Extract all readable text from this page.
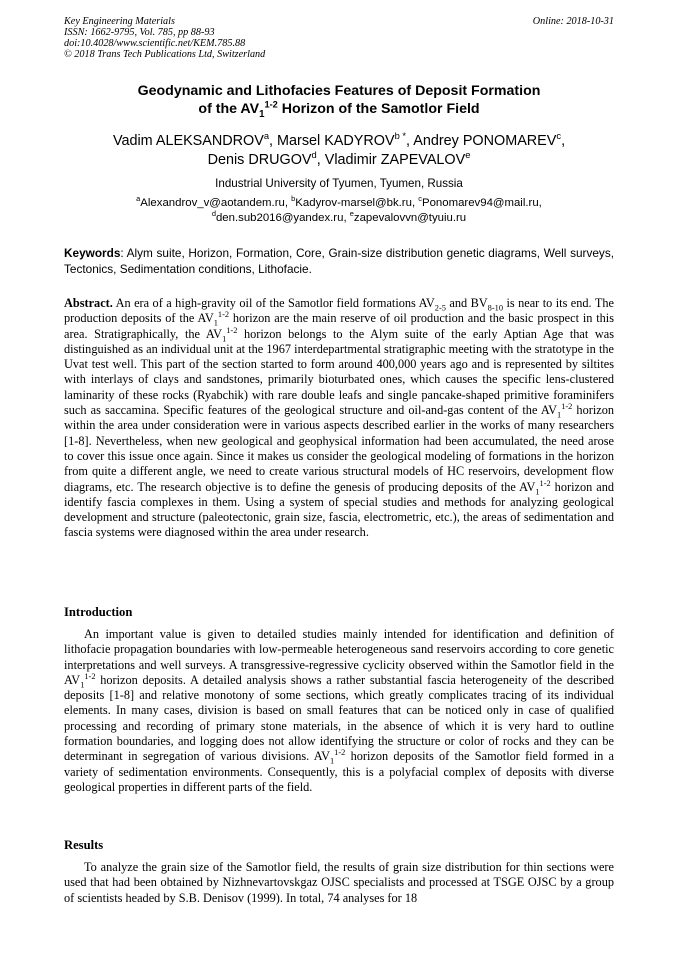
Key Engineering Materials
ISSN: 1662-9795, Vol. 785, pp 88-93
doi:10.4028/www.scientific.net/KEM.785.88
© 2018 Trans Tech Publications Ltd, Switzerland
Online: 2018-10-31
Geodynamic and Lithofacies Features of Deposit Formation
of the $AV_1^{1-2}$ Horizon of the Samotlor Field
Vadim ALEKSANDROV$^a$, Marsel $KADYROV^{b *}$, Andrey PONOMAREV$^c$,
Denis DRUGOV$^d$, Vladimir ZAPEVALOV$^e$
Industrial University of Tyumen, Tyumen, Russia
$^a$Alexandrov_v@aotandem.ru, $^b$Kadyrov-marsel@bk.ru, $^c$Ponomarev94@mail.ru,
$^d$den.sub2016@yandex.ru, $^e$zapevalovvn@tyuiu.ru
Keywords: Alym suite, Horizon, Formation, Core, Grain-size distribution genetic diagrams, Well surveys, Tectonics, Sedimentation conditions, Lithofacie.
Abstract. An era of a high-gravity oil of the Samotlor field formations $AV_{2-5}$ and $BV_{8-10}$ is near to its end. The production deposits of the $AV_1^{1-2}$ horizon are the main reserve of oil production and the basic prospect in this area. Stratigraphically, the $AV_1^{1-2}$ horizon belongs to the Alym suite of the early Aptian Age that was distinguished as an individual unit at the 1967 interdepartmental stratigraphic meeting with the stratotype in the Uvat test well. This part of the section started to form around 400,000 years ago and is represented by siltites with interlays of clays and sandstones, primarily bioturbated ones, which causes the specific lens-clustered laminarity of these rocks (Ryabchik) with rare double leafs and single pancake-shaped primitive foraminifers such as saccamina. Specific features of the geological structure and oil-and-gas content of the $AV_1^{1-2}$ horizon within the area under consideration were in various aspects described earlier in the works of many researchers [1-8]. Nevertheless, when new geological and geophysical information had been accumulated, the need arose to cover this issue once again. Since it makes us consider the geological modeling of formations in the horizon from quite a different angle, we need to create various structural models of HC reservoirs, development flow diagrams, etc. The research objective is to define the genesis of producing deposits of the $AV_1^{1-2}$ horizon and identify fascia complexes in them. Using a system of special studies and methods for analyzing geological development and structure (paleotectonic, grain size, fascia, electrometric, etc.), the areas of sedimentation and fascia systems were diagnosed within the area under research.
Introduction
An important value is given to detailed studies mainly intended for identification and definition of lithofacie propagation boundaries with low-permeable heterogeneous sand reservoirs according to core genetic interpretations and well surveys. A transgressive-regressive cyclicity observed within the Samotlor field in the $AV_1^{1-2}$ horizon deposits. A detailed analysis shows a rather substantial fascia heterogeneity of the described deposits [1-8] and relative monotony of some sections, which greatly complicates tracing of its individual elements. In many cases, division is based on small features that can be noticed only in case of qualified processing and recording of primary stone materials, in the absence of which it is very hard to outline formation boundaries, and logging does not allow identifying the structure or color of rocks and they can be determinant in segregation of various divisions. $AV_1^{1-2}$ horizon deposits of the Samotlor field formed in a variety of sedimentation environments. Consequently, this is a polyfacial complex of deposits with diverse geological properties in different parts of the field.
Results
To analyze the grain size of the Samotlor field, the results of grain size distribution for thin sections were used that had been obtained by Nizhnevartovskgaz OJSC specialists and processed at TSGE OJSC by a group of scientists headed by S.B. Denisov (1999). In total, 74 analyses for 18
